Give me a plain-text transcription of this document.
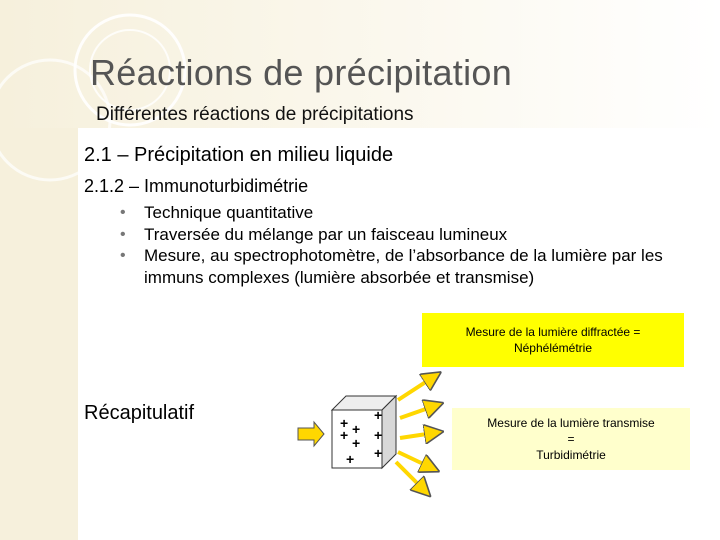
Réactions de précipitation
Différentes réactions de précipitations
2.1 – Précipitation en milieu liquide
2.1.2 – Immunoturbidimétrie
• Technique quantitative
• Traversée du mélange par un faisceau lumineux
• Mesure, au spectrophotomètre, de l’absorbance de la lumière par les immuns complexes (lumière absorbée et transmise)
Mesure de la lumière diffractée =
Néphélémétrie
Mesure de la lumière transmise
=
Turbidimétrie
Récapitulatif	+ +
+ +
+
+
+
+
